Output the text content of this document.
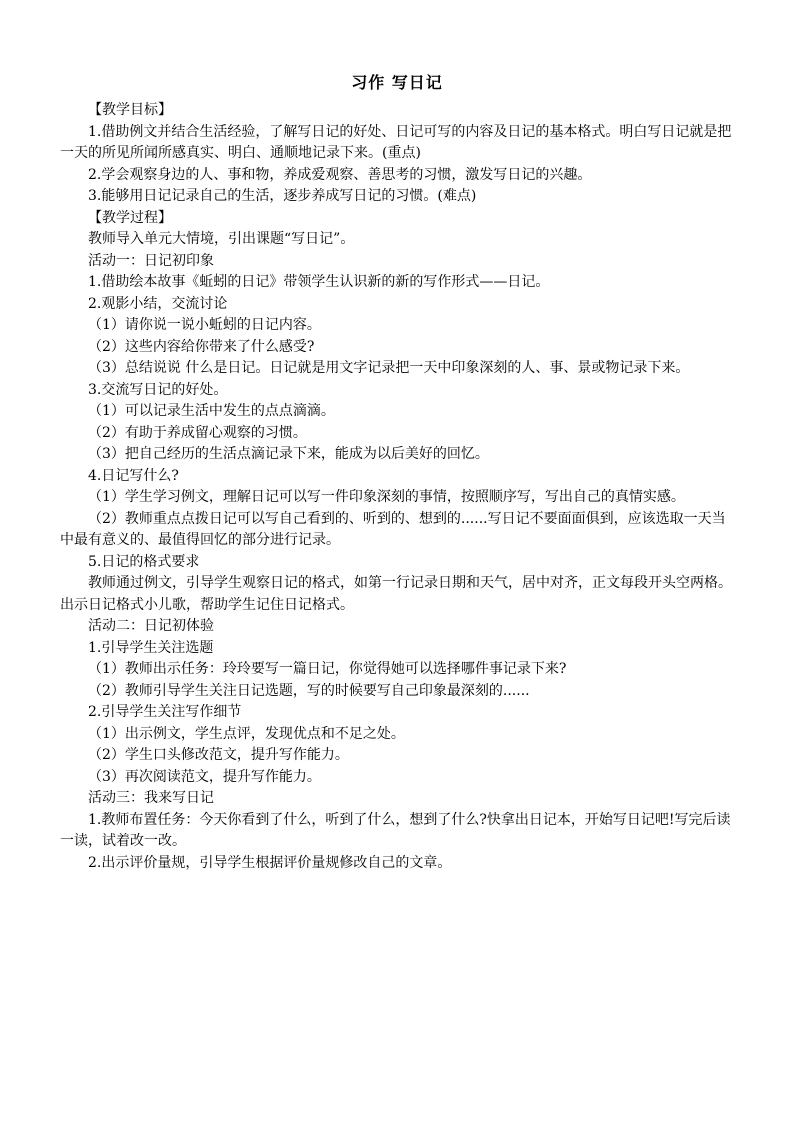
习作 写日记

【教学目标】

1.借助例文并结合生活经验，了解写日记的好处、日记可写的内容及日记的基本格式。明白写日记就是把一天的所见所闻所感真实、明白、通顺地记录下来。(重点)

2.学会观察身边的人、事和物，养成爱观察、善思考的习惯，激发写日记的兴趣。

3.能够用日记记录自己的生活，逐步养成写日记的习惯。(难点)

【教学过程】

教师导入单元大情境，引出课题“写日记”。

活动一：日记初印象

1.借助绘本故事《蚯蚓的日记》带领学生认识新的新的写作形式——日记。

2.观影小结，交流讨论

（1）请你说一说小蚯蚓的日记内容。

（2）这些内容给你带来了什么感受?

（3）总结说说 什么是日记。日记就是用文字记录把一天中印象深刻的人、事、景或物记录下来。

3.交流写日记的好处。

（1）可以记录生活中发生的点点滴滴。

（2）有助于养成留心观察的习惯。

（3）把自己经历的生活点滴记录下来，能成为以后美好的回忆。

4.日记写什么?

（1）学生学习例文，理解日记可以写一件印象深刻的事情，按照顺序写，写出自己的真情实感。

（2）教师重点点拨日记可以写自己看到的、听到的、想到的......写日记不要面面俱到，应该选取一天当中最有意义的、最值得回忆的部分进行记录。

5.日记的格式要求

教师通过例文，引导学生观察日记的格式，如第一行记录日期和天气，居中对齐，正文每段开头空两格。出示日记格式小儿歌，帮助学生记住日记格式。

活动二：日记初体验

1.引导学生关注选题

（1）教师出示任务：玲玲要写一篇日记，你觉得她可以选择哪件事记录下来?

（2）教师引导学生关注日记选题，写的时候要写自己印象最深刻的......

2.引导学生关注写作细节

（1）出示例文，学生点评，发现优点和不足之处。

（2）学生口头修改范文，提升写作能力。

（3）再次阅读范文，提升写作能力。

活动三：我来写日记

1.教师布置任务：今天你看到了什么，听到了什么，想到了什么?快拿出日记本，开始写日记吧!写完后读一读，试着改一改。

2.出示评价量规，引导学生根据评价量规修改自己的文章。
